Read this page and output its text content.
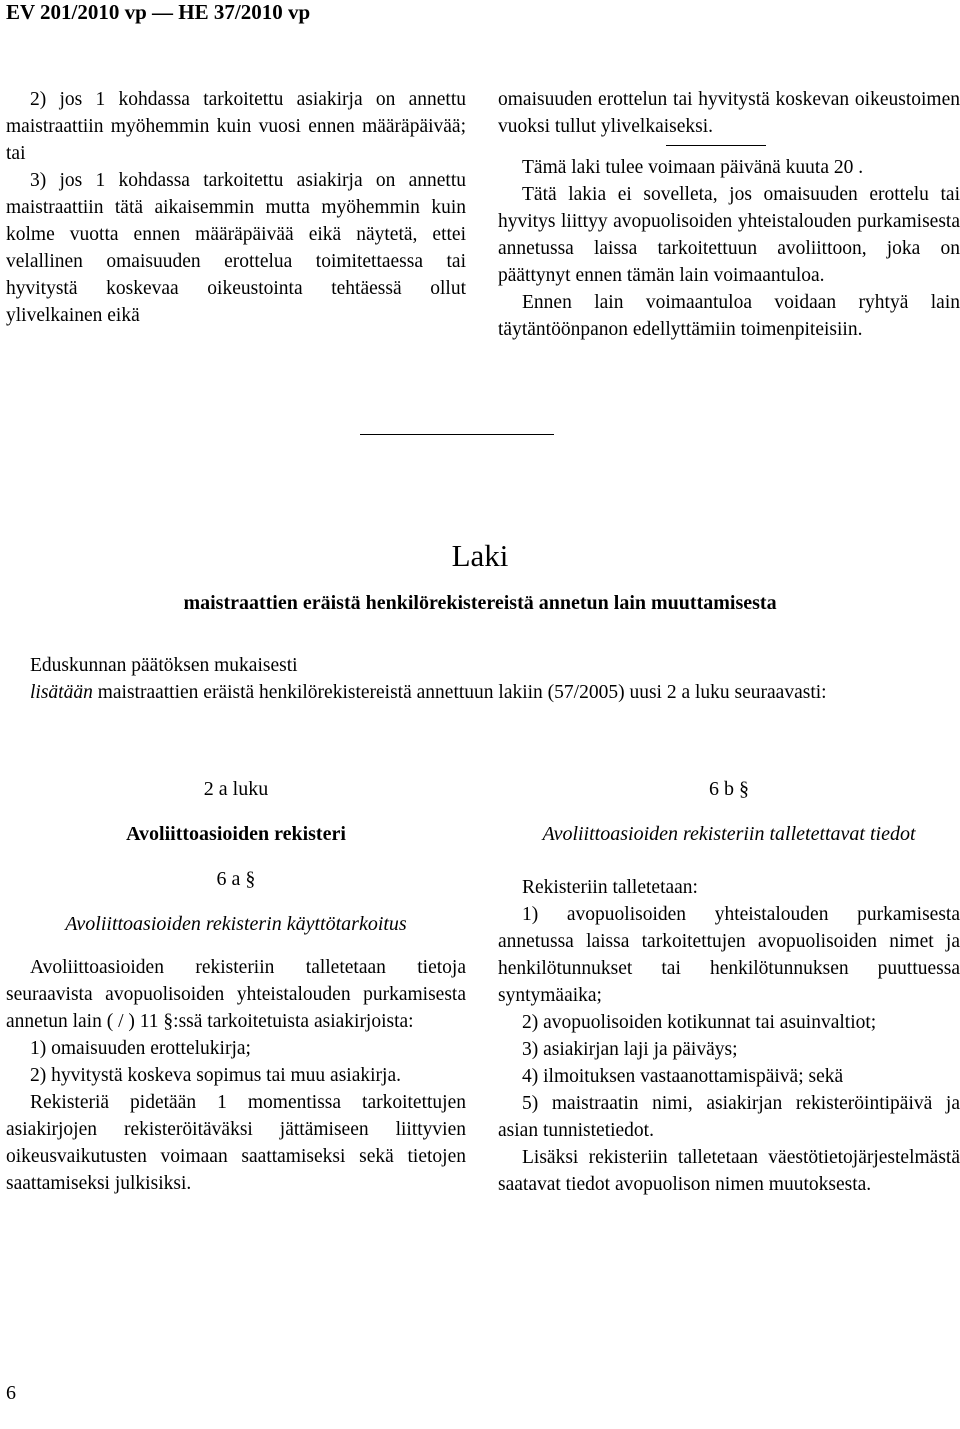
EV 201/2010 vp — HE 37/2010 vp

2) jos 1 kohdassa tarkoitettu asiakirja on annettu maistraattiin myöhemmin kuin vuosi ennen määräpäivää; tai

3) jos 1 kohdassa tarkoitettu asiakirja on annettu maistraattiin tätä aikaisemmin mutta myöhemmin kuin kolme vuotta ennen määräpäivää eikä näytetä, ettei velallinen omaisuuden erottelua toimitettaessa tai hyvitystä koskevaa oikeustointa tehtäessä ollut ylivelkainen eikä

omaisuuden erottelun tai hyvitystä koskevan oikeustoimen vuoksi tullut ylivelkaiseksi.

Tämä laki tulee voimaan päivänä kuuta 20 .

Tätä lakia ei sovelleta, jos omaisuuden erottelu tai hyvitys liittyy avopuolisoiden yhteistalouden purkamisesta annetussa laissa tarkoitettuun avoliittoon, joka on päättynyt ennen tämän lain voimaantuloa.

Ennen lain voimaantuloa voidaan ryhtyä lain täytäntöönpanon edellyttämiin toimenpiteisiin.

Laki
maistraattien eräistä henkilörekistereistä annetun lain muuttamisesta

Eduskunnan päätöksen mukaisesti

lisätään maistraattien eräistä henkilörekistereistä annettuun lakiin (57/2005) uusi 2 a luku seuraavasti:

2 a luku

Avoliittoasioiden rekisteri

6 a §

Avoliittoasioiden rekisterin käyttötarkoitus

Avoliittoasioiden rekisteriin talletetaan tietoja seuraavista avopuolisoiden yhteistalouden purkamisesta annetun lain ( / ) 11 §:ssä tarkoitetuista asiakirjoista:

1) omaisuuden erottelukirja;

2) hyvitystä koskeva sopimus tai muu asiakirja.

Rekisteriä pidetään 1 momentissa tarkoitettujen asiakirjojen rekisteröitäväksi jättämiseen liittyvien oikeusvaikutusten voimaan saattamiseksi sekä tietojen saattamiseksi julkisiksi.

6 b §

Avoliittoasioiden rekisteriin talletettavat tiedot

Rekisteriin talletetaan:

1) avopuolisoiden yhteistalouden purkamisesta annetussa laissa tarkoitettujen avopuolisoiden nimet ja henkilötunnukset tai henkilötunnuksen puuttuessa syntymäaika;

2) avopuolisoiden kotikunnat tai asuinvaltiot;

3) asiakirjan laji ja päiväys;

4) ilmoituksen vastaanottamispäivä; sekä

5) maistraatin nimi, asiakirjan rekisteröintipäivä ja asian tunnistetiedot.

Lisäksi rekisteriin talletetaan väestötietojärjestelmästä saatavat tiedot avopuolison nimen muutoksesta.

6
